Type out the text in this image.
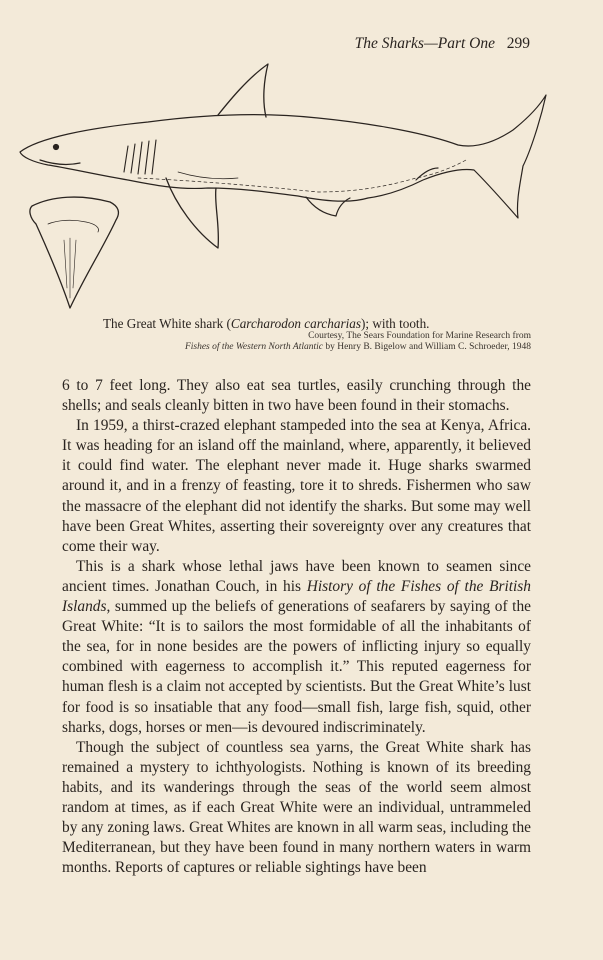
The Sharks—Part One 299
The Great White shark (Carcharodon carcharias); with tooth.
Courtesy, The Sears Foundation for Marine Research from
Fishes of the Western North Atlantic by Henry B. Bigelow and William C. Schroeder, 1948

6 to 7 feet long. They also eat sea turtles, easily crunching through the shells; and seals cleanly bitten in two have been found in their stomachs.

In 1959, a thirst-crazed elephant stampeded into the sea at Kenya, Africa. It was heading for an island off the mainland, where, apparently, it believed it could find water. The elephant never made it. Huge sharks swarmed around it, and in a frenzy of feasting, tore it to shreds. Fishermen who saw the massacre of the elephant did not identify the sharks. But some may well have been Great Whites, asserting their sovereignty over any creatures that come their way.

This is a shark whose lethal jaws have been known to seamen since ancient times. Jonathan Couch, in his History of the Fishes of the British Islands, summed up the beliefs of generations of seafarers by saying of the Great White: “It is to sailors the most formidable of all the inhabitants of the sea, for in none besides are the powers of inflicting injury so equally combined with eagerness to accomplish it.” This reputed eagerness for human flesh is a claim not accepted by scientists. But the Great White’s lust for food is so insatiable that any food—small fish, large fish, squid, other sharks, dogs, horses or men—is devoured indiscriminately.

Though the subject of countless sea yarns, the Great White shark has remained a mystery to ichthyologists. Nothing is known of its breeding habits, and its wanderings through the seas of the world seem almost random at times, as if each Great White were an individual, untrammeled by any zoning laws. Great Whites are known in all warm seas, including the Mediterranean, but they have been found in many northern waters in warm months. Reports of captures or reliable sightings have been
